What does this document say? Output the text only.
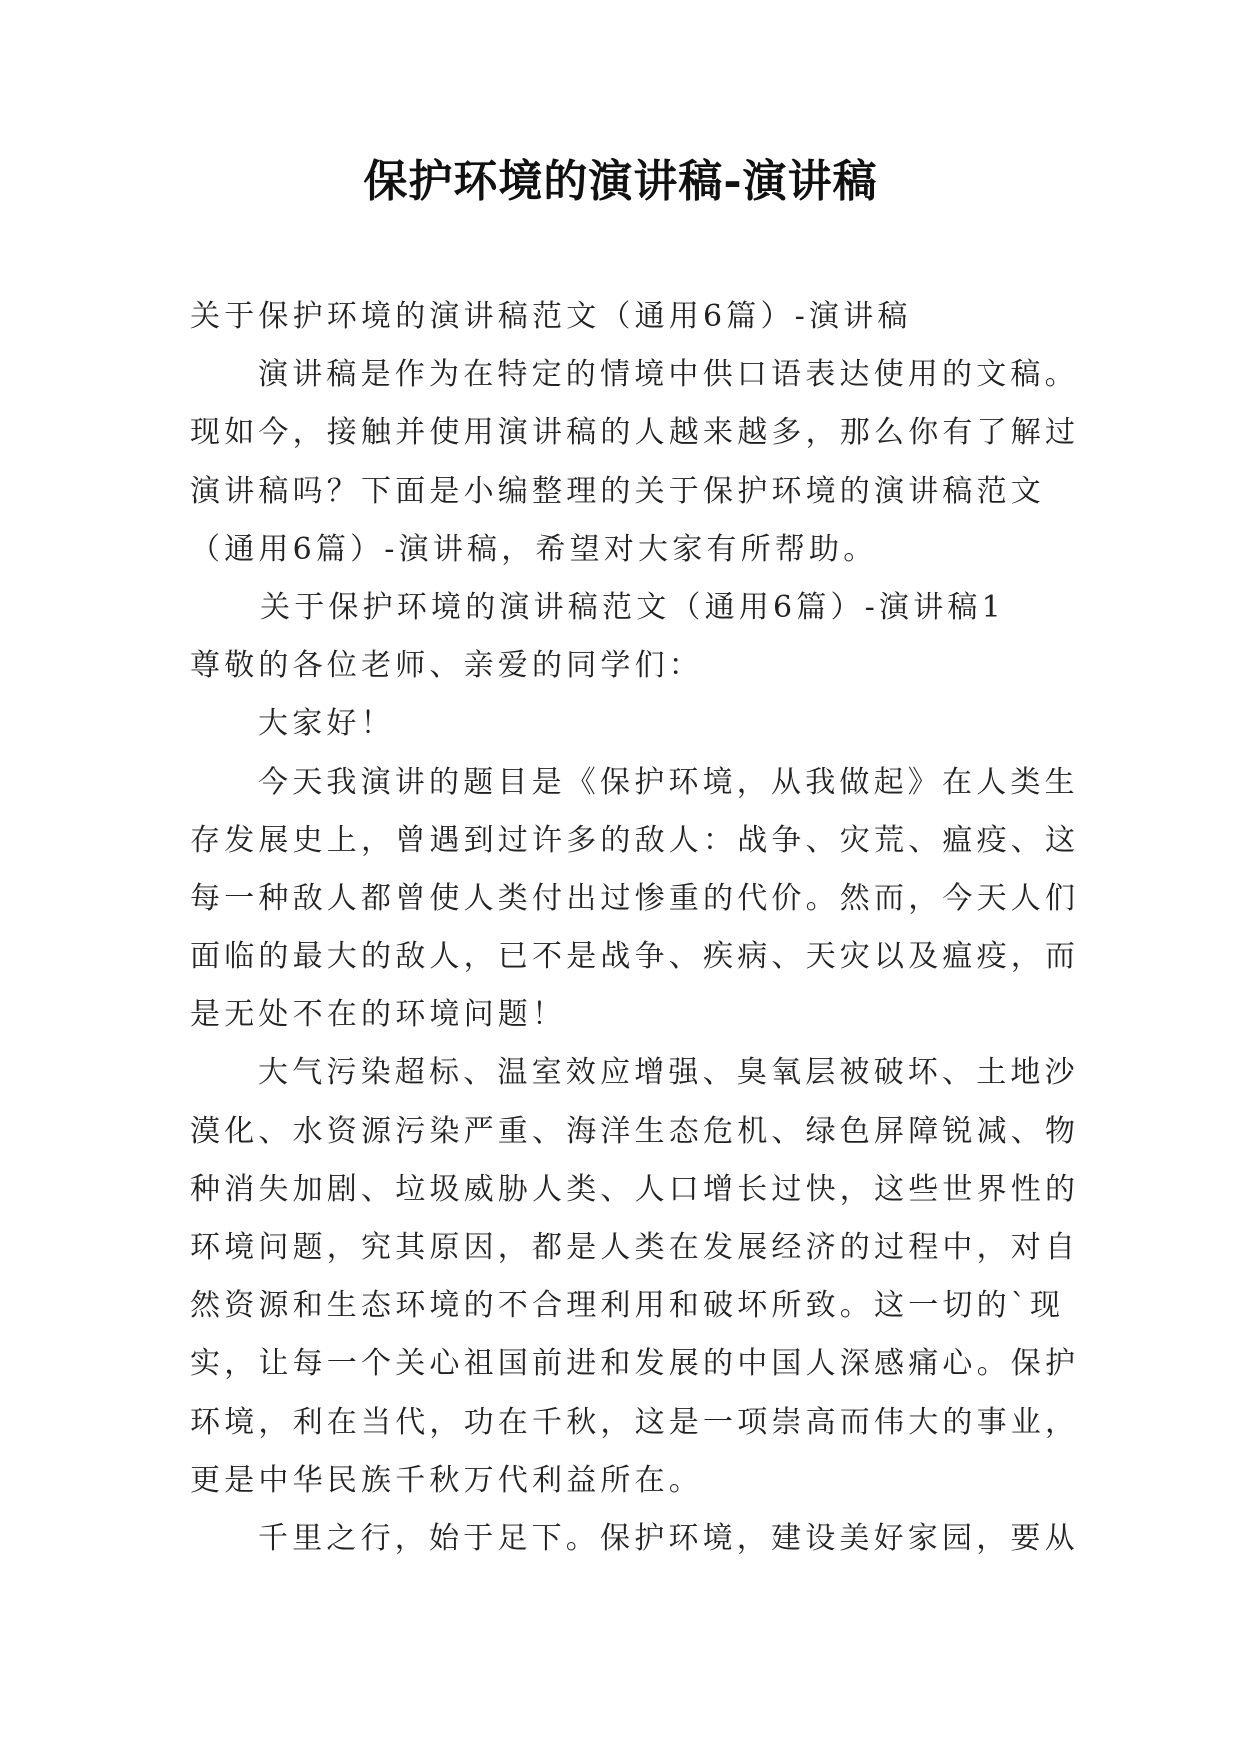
保护环境的演讲稿-演讲稿
关于保护环境的演讲稿范文（通用6篇）-演讲稿
演讲稿是作为在特定的情境中供口语表达使用的文稿。
现如今，接触并使用演讲稿的人越来越多，那么你有了解过
演讲稿吗？下面是小编整理的关于保护环境的演讲稿范文
（通用6篇）-演讲稿，希望对大家有所帮助。
关于保护环境的演讲稿范文（通用6篇）-演讲稿1
尊敬的各位老师、亲爱的同学们：
大家好！
今天我演讲的题目是《保护环境，从我做起》在人类生
存发展史上，曾遇到过许多的敌人：战争、灾荒、瘟疫、这
每一种敌人都曾使人类付出过惨重的代价。然而，今天人们
面临的最大的敌人，已不是战争、疾病、天灾以及瘟疫，而
是无处不在的环境问题！
大气污染超标、温室效应增强、臭氧层被破坏、土地沙
漠化、水资源污染严重、海洋生态危机、绿色屏障锐减、物
种消失加剧、垃圾威胁人类、人口增长过快，这些世界性的
环境问题，究其原因，都是人类在发展经济的过程中，对自
然资源和生态环境的不合理利用和破坏所致。这一切的`现
实，让每一个关心祖国前进和发展的中国人深感痛心。保护
环境，利在当代，功在千秋，这是一项崇高而伟大的事业，
更是中华民族千秋万代利益所在。
千里之行，始于足下。保护环境，建设美好家园，要从
